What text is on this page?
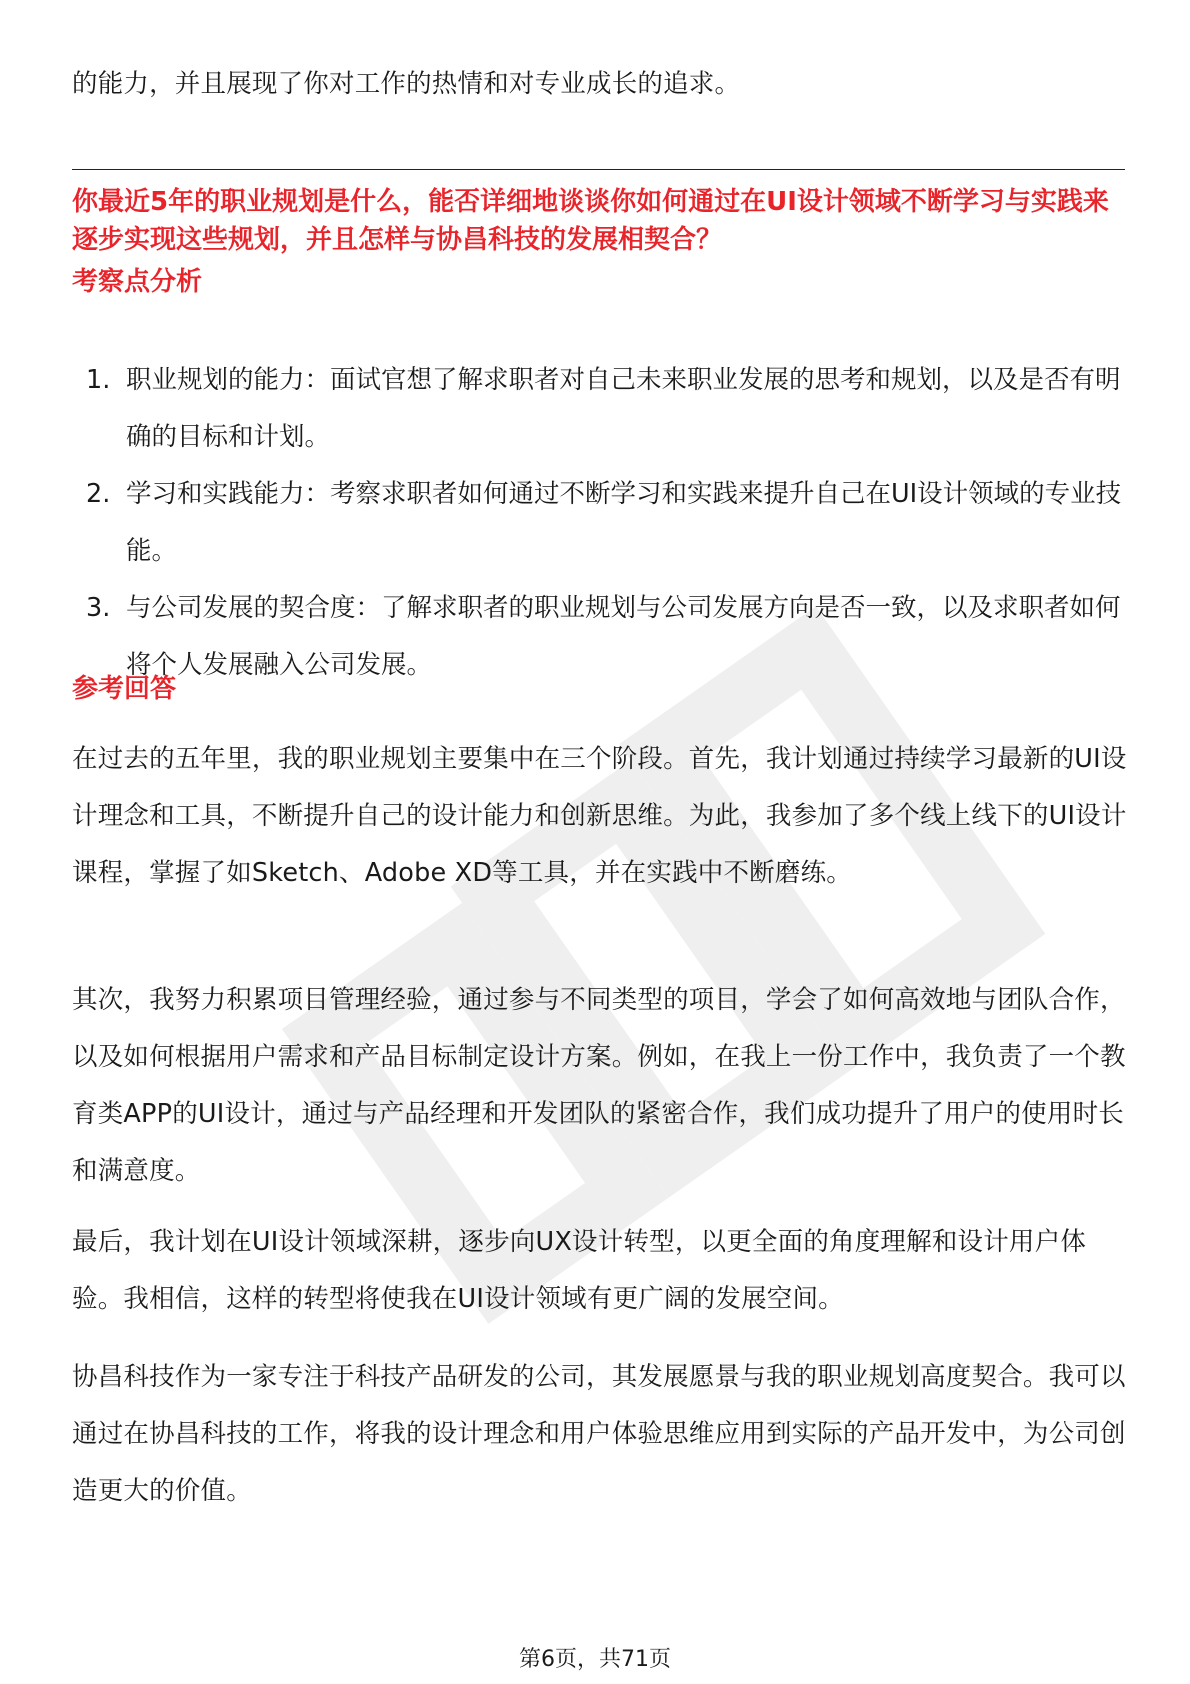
的能力，并且展现了你对工作的热情和对专业成长的追求。

你最近5年的职业规划是什么，能否详细地谈谈你如何通过在UI设计领域不断学习与实践来逐步实现这些规划，并且怎样与协昌科技的发展相契合？

考察点分析
1. 职业规划的能力：面试官想了解求职者对自己未来职业发展的思考和规划，以及是否有明确的目标和计划。
2. 学习和实践能力：考察求职者如何通过不断学习和实践来提升自己在UI设计领域的专业技能。
3. 与公司发展的契合度：了解求职者的职业规划与公司发展方向是否一致，以及求职者如何将个人发展融入公司发展。
参考回答

在过去的五年里，我的职业规划主要集中在三个阶段。首先，我计划通过持续学习最新的UI设计理念和工具，不断提升自己的设计能力和创新思维。为此，我参加了多个线上线下的UI设计课程，掌握了如Sketch、Adobe XD等工具，并在实践中不断磨练。

其次，我努力积累项目管理经验，通过参与不同类型的项目，学会了如何高效地与团队合作，以及如何根据用户需求和产品目标制定设计方案。例如，在我上一份工作中，我负责了一个教育类APP的UI设计，通过与产品经理和开发团队的紧密合作，我们成功提升了用户的使用时长和满意度。

最后，我计划在UI设计领域深耕，逐步向UX设计转型，以更全面的角度理解和设计用户体验。我相信，这样的转型将使我在UI设计领域有更广阔的发展空间。

协昌科技作为一家专注于科技产品研发的公司，其发展愿景与我的职业规划高度契合。我可以通过在协昌科技的工作，将我的设计理念和用户体验思维应用到实际的产品开发中，为公司创造更大的价值。

第6页，共71页
